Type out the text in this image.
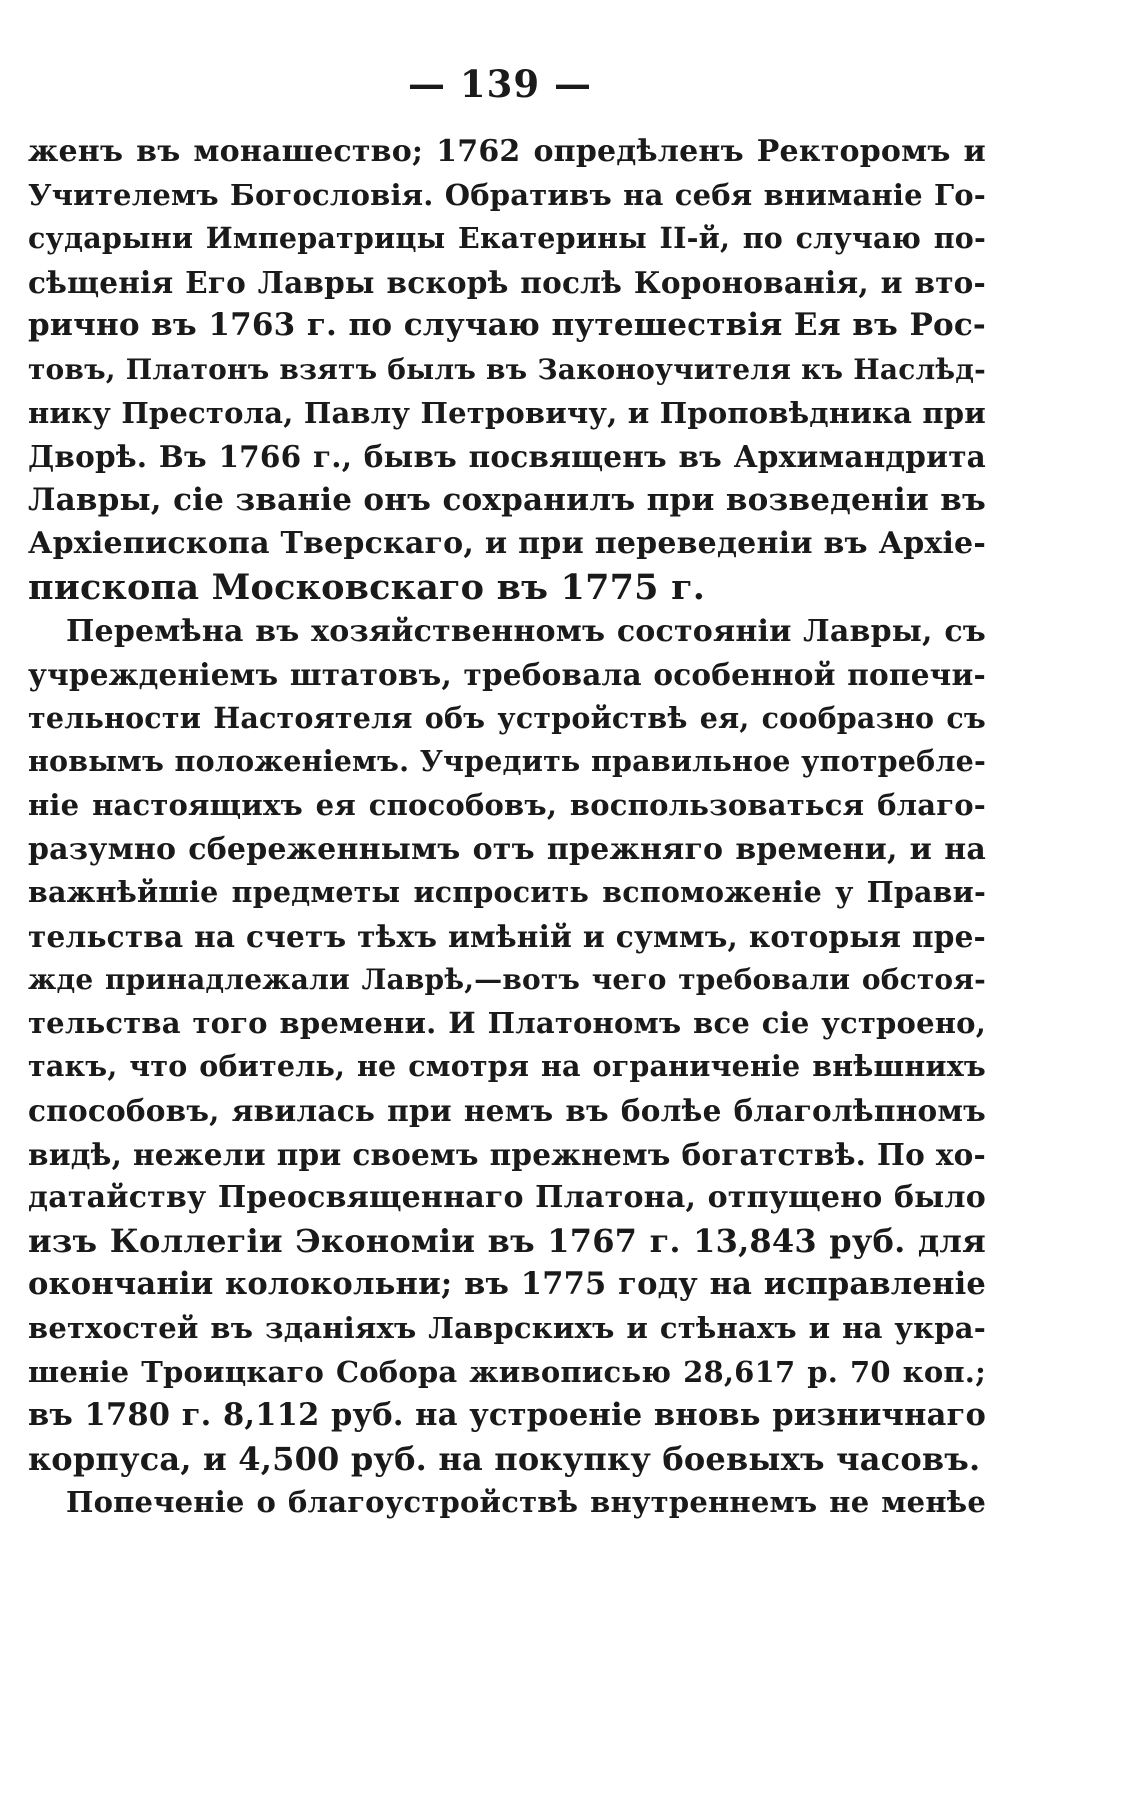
— 139 —
женъ въ монашество; 1762 опредѣленъ Ректоромъ и
Учителемъ Богословія. Обративъ на себя вниманіе Го-
сударыни Императрицы Екатерины II-й, по случаю по-
сѣщенія Его Лавры вскорѣ послѣ Коронованія, и вто-
рично въ 1763 г. по случаю путешествія Ея въ Рос-
товъ, Платонъ взятъ былъ въ Законоучителя къ Наслѣд-
нику Престола, Павлу Петровичу, и Проповѣдника при
Дворѣ. Въ 1766 г., бывъ посвященъ въ Архимандрита
Лавры, сіе званіе онъ сохранилъ при возведеніи въ
Архіепископа Тверскаго, и при переведеніи въ Архіе-
пископа Московскаго въ 1775 г.
Перемѣна въ хозяйственномъ состояніи Лавры, съ
учрежденіемъ штатовъ, требовала особенной попечи-
тельности Настоятеля объ устройствѣ ея, сообразно съ
новымъ положеніемъ. Учредить правильное употребле-
ніе настоящихъ ея способовъ, воспользоваться благо-
разумно сбереженнымъ отъ прежняго времени, и на
важнѣйшіе предметы испросить вспоможеніе у Прави-
тельства на счетъ тѣхъ имѣній и суммъ, которыя пре-
жде принадлежали Лаврѣ,—вотъ чего требовали обстоя-
тельства того времени. И Платономъ все сіе устроено,
такъ, что обитель, не смотря на ограниченіе внѣшнихъ
способовъ, явилась при немъ въ болѣе благолѣпномъ
видѣ, нежели при своемъ прежнемъ богатствѣ. По хо-
датайству Преосвященнаго Платона, отпущено было
изъ Коллегіи Экономіи въ 1767 г. 13,843 руб. для
окончаніи колокольни; въ 1775 году на исправленіе
ветхостей въ зданіяхъ Лаврскихъ и стѣнахъ и на укра-
шеніе Троицкаго Собора живописью 28,617 р. 70 коп.;
въ 1780 г. 8,112 руб. на устроеніе вновь ризничнаго
корпуса, и 4,500 руб. на покупку боевыхъ часовъ.
Попеченіе о благоустройствѣ внутреннемъ не менѣе
